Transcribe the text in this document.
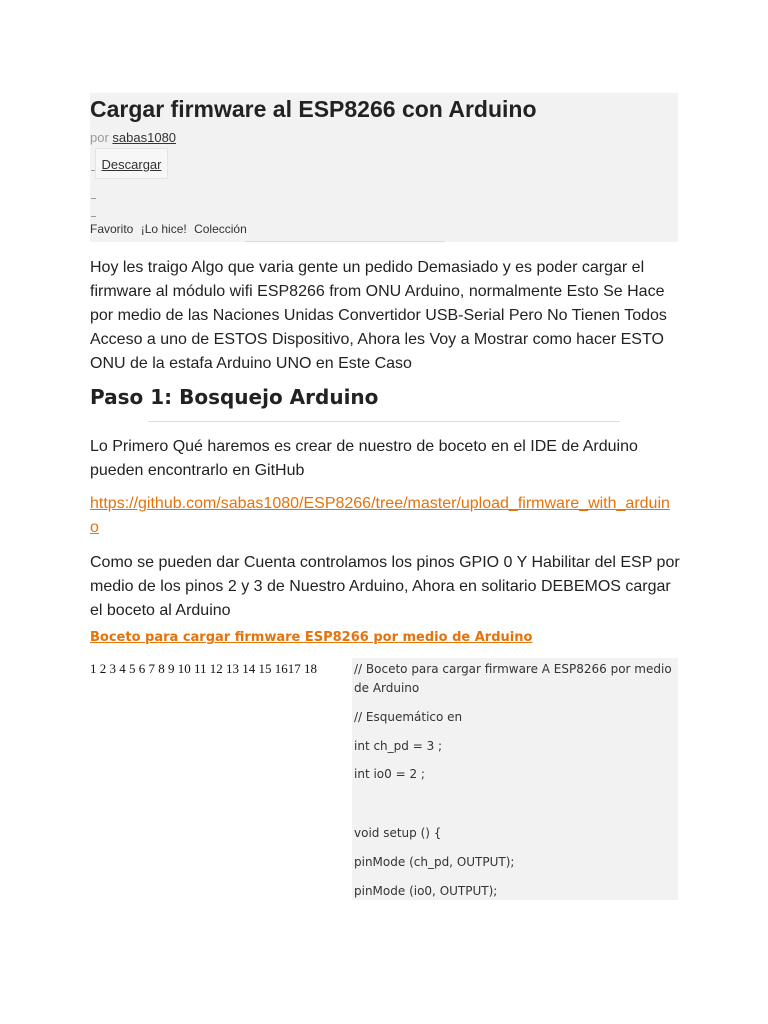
Cargar firmware al ESP8266 con Arduino
por sabas1080
Descargar
Favorito ¡Lo hice! Colección

Hoy les traigo Algo que varia gente un pedido Demasiado y es poder cargar el firmware al módulo wifi ESP8266 from ONU Arduino, normalmente Esto Se Hace por medio de las Naciones Unidas Convertidor USB-Serial Pero No Tienen Todos Acceso a uno de ESTOS Dispositivo, Ahora les Voy a Mostrar como hacer ESTO ONU de la estafa Arduino UNO en Este Caso

Paso 1: Bosquejo Arduino

Lo Primero Qué haremos es crear de nuestro de boceto en el IDE de Arduino pueden encontrarlo en GitHub

https://github.com/sabas1080/ESP8266/tree/master/upload_firmware_with_arduino

Como se pueden dar Cuenta controlamos los pinos GPIO 0 Y Habilitar del ESP por medio de los pinos 2 y 3 de Nuestro Arduino, Ahora en solitario DEBEMOS cargar el boceto al Arduino

Boceto para cargar firmware ESP8266 por medio de Arduino
1 2 3 4 5 6 7 8 9 10 11 12 13 14 15 1617 18	// Boceto para cargar firmware A ESP8266 por medio de Arduino
// Esquemático en
int ch_pd = 3 ;
int io0 = 2 ;
void setup () {
pinMode (ch_pd, OUTPUT);
pinMode (io0, OUTPUT);
